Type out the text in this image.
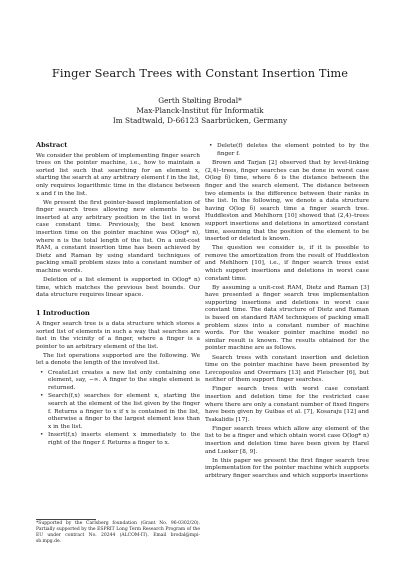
Finger Search Trees with Constant Insertion Time
Gerth Stølting Brodal*
Max-Planck-Institut für Informatik
Im Stadtwald, D-66123 Saarbrücken, Germany
Abstract

We consider the problem of implementing finger search trees on the pointer machine, i.e., how to maintain a sorted list such that searching for an element x, starting the search at any arbitrary element f in the list, only requires logarithmic time in the distance between x and f in the list.

We present the first pointer-based implementation of finger search trees allowing new elements to be inserted at any arbitrary position in the list in worst case constant time. Previously, the best known insertion time on the pointer machine was O(log* n), where n is the total length of the list. On a unit-cost RAM, a constant insertion time has been achieved by Dietz and Raman by using standard techniques of packing small problem sizes into a constant number of machine words.

Deletion of a list element is supported in O(log* n) time, which matches the previous best bounds. Our data structure requires linear space.

1 Introduction

A finger search tree is a data structure which stores a sorted list of elements in such a way that searches are fast in the vicinity of a finger, where a finger is a pointer to an arbitrary element of the list.

The list operations supported are the following. We let a denote the length of the involved list.

• CreateList creates a new list only containing one element, say, −∞. A finger to the single element is returned.
• Search(f,x) searches for element x, starting the search at the element of the list given by the finger f. Returns a finger to x if x is contained in the list, otherwise a finger to the largest element less than x in the list.
• Insert(f,x) inserts element x immediately to the right of the finger f. Returns a finger to x.
• Delete(f) deletes the element pointed to by the finger f.

Brown and Tarjan [2] observed that by level-linking (2,4)–trees, finger searches can be done in worst case O(log δ) time, where δ is the distance between the finger and the search element. The distance between two elements is the difference between their ranks in the list. In the following, we denote a data structure having O(log δ) search time a finger search tree. Huddleston and Mehlhorn [10] showed that (2,4)–trees support insertions and deletions in amortized constant time, assuming that the position of the element to be inserted or deleted is known.

The question we consider is, if it is possible to remove the amortization from the result of Huddleston and Mehlhorn [10], i.e., if finger search trees exist which support insertions and deletions in worst case constant time.

By assuming a unit-cost RAM, Dietz and Raman [3] have presented a finger search tree implementation supporting insertions and deletions in worst case constant time. The data structure of Dietz and Raman is based on standard RAM techniques of packing small problem sizes into a constant number of machine words. For the weaker pointer machine model no similar result is known. The results obtained for the pointer machine are as follows.

Search trees with constant insertion and deletion time on the pointer machine have been presented by Levcopoulos and Overmars [13] and Fleischer [6], but neither of them support finger searches.

Finger search trees with worst case constant insertion and deletion time for the restricted case where there are only a constant number of fixed fingers have been given by Guibas et al. [7], Kosaraju [12] and Tsakalidis [17].

Finger search trees which allow any element of the list to be a finger and which obtain worst case O(log* n) insertion and deletion time have been given by Harel and Lueker [8, 9].

In this paper we present the first finger search tree implementation for the pointer machine which supports arbitrary finger searches and which supports insertions

*Supported by the Carlsberg foundation (Grant No. 96-0302/20). Partially supported by the ESPRIT Long Term Research Program of the EU under contract No. 20244 (ALCOM-IT). Email brodal@mpi-sb.mpg.de.
